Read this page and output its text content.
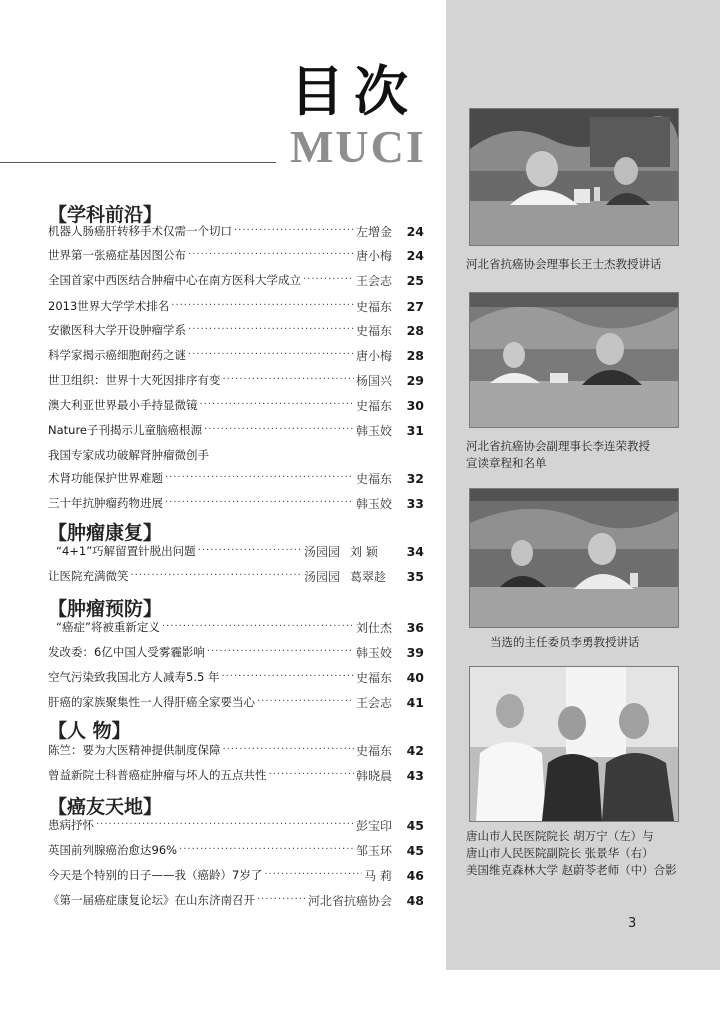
目次
MUCI
【学科前沿】
【肿瘤康复】
【肿瘤预防】
【人 物】
【癌友天地】
机器人肠癌肝转移手术仅需一个切口 ·····	左增金	24
世界第一张癌症基因图公布 ·····	唐小梅	24
全国首家中西医结合肿瘤中心在南方医科大学成立 ·····	王会志	25
2013世界大学学术排名 ·····	史福东	27
安徽医科大学开设肿瘤学系 ·····	史福东	28
科学家揭示癌细胞耐药之谜 ·····	唐小梅	28
世卫组织：世界十大死因排序有变 ·····	杨国兴	29
澳大利亚世界最小手持显微镜 ·····	史福东	30
Nature子刊揭示儿童脑癌根源 ·····	韩玉姣	31
我国专家成功破解肾肿瘤微创手
术肾功能保护世界难题 ·····	史福东	32
三十年抗肿瘤药物进展 ·····	韩玉姣	33
“4+1”巧解留置针脱出问题 ·····	汤园园 刘 颖	34
让医院充满微笑 ·····	汤园园 葛翠趁	35
“癌症”将被重新定义 ·····	刘仕杰	36
发改委：6亿中国人受雾霾影响 ·····	韩玉姣	39
空气污染致我国北方人减寿5.5 年 ·····	史福东	40
肝癌的家族聚集性一人得肝癌全家要当心 ·····	王会志	41
陈竺：要为大医精神提供制度保障 ·····	史福东	42
曾益新院士科普癌症肿瘤与坏人的五点共性 ·····	韩晓晨	43
患病抒怀 ·····	彭宝印	45
英国前列腺癌治愈达96% ·····	邹玉环	45
今天是个特别的日子——我（癌龄）7岁了 ·····	马 莉	46
《第一届癌症康复论坛》在山东济南召开 ·····	河北省抗癌协会	48
河北省抗癌协会理事长王士杰教授讲话
河北省抗癌协会副理事长李连荣教授
宣读章程和名单
当选的主任委员李勇教授讲话
唐山市人民医院院长 胡万宁（左）与
唐山市人民医院副院长 张景华（右）
美国维克森林大学 赵蔚苓老师（中）合影
3
